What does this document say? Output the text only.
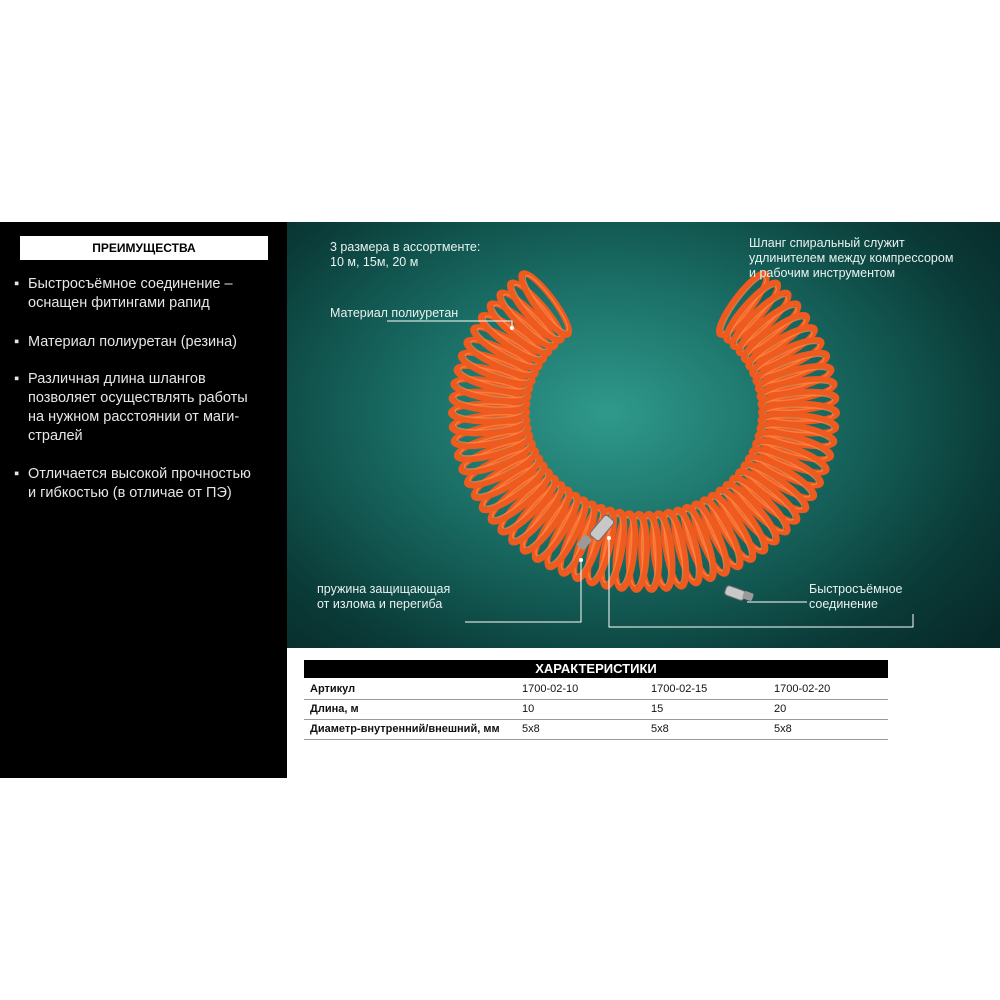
ПРЕИМУЩЕСТВА
▪ Быстросъёмное соединение –
оснащен фитингами рапид
▪ Материал полиуретан (резина)
▪ Различная длина шлангов
позволяет осуществлять работы
на нужном расстоянии от маги-
стралей
▪ Отличается высокой прочностью
и гибкостью (в отличае от ПЭ)
3 размера в ассортменте:
10 м, 15м, 20 м
Шланг спиральный служит
удлинителем между компрессором
и рабочим инструментом
Материал полиуретан
пружина защищающая
от излома и перегиба
Быстросъёмное
соединение
ХАРАКТЕРИСТИКИ
Артикул	1700-02-10	1700-02-15	1700-02-20
Длина, м	10	15	20
Диаметр-внутренний/внешний, мм 5х8	5х8	5х8
